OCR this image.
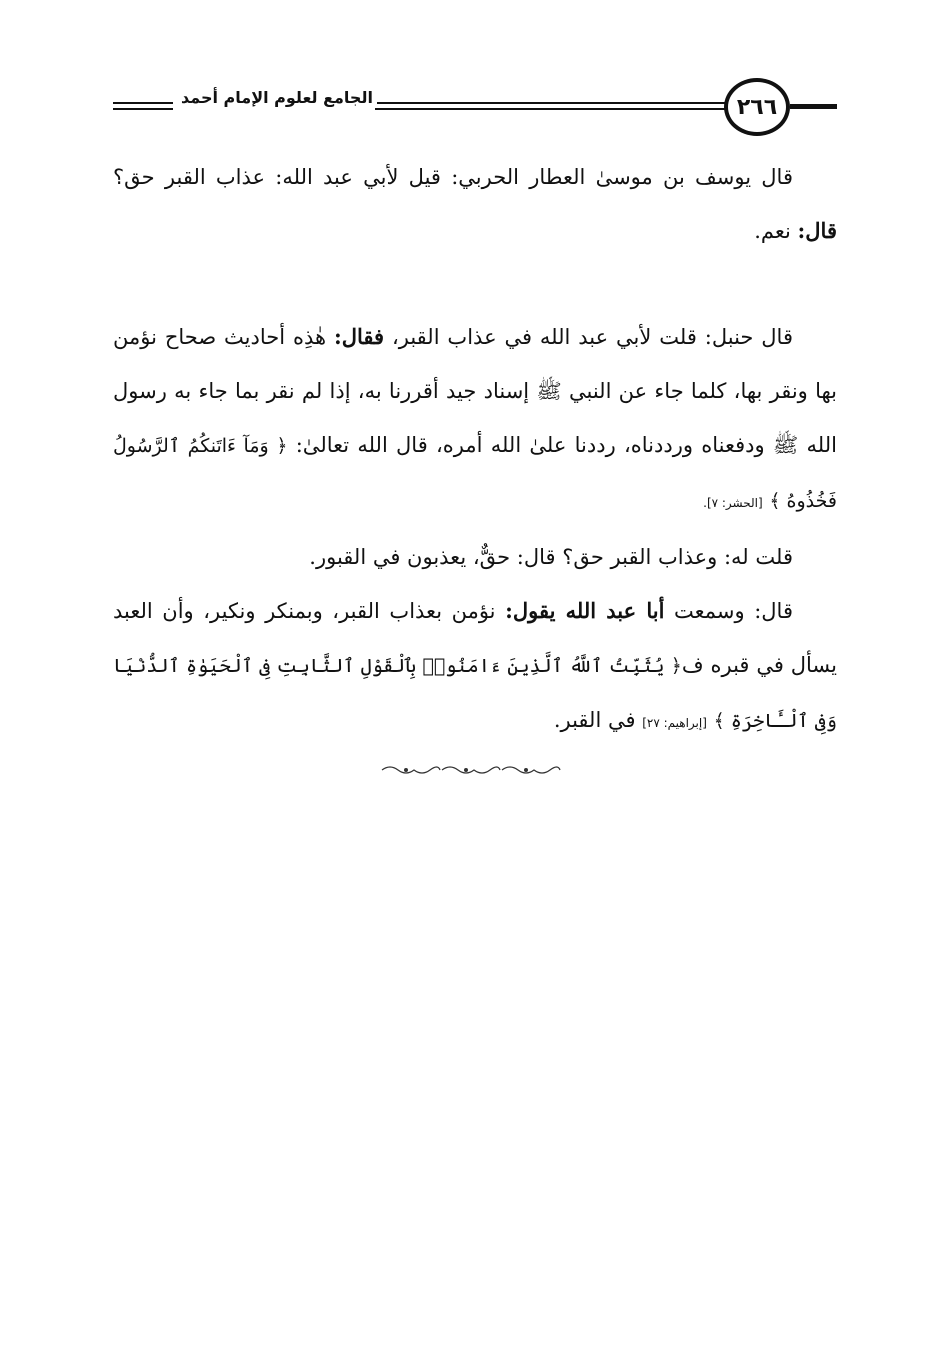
٢٦٦
الجامع لعلوم الإمام أحمد

قال يوسف بن موسىٰ العطار الحربي: قيل لأبي عبد الله: عذاب القبر حق؟ قال: نعم.

قال حنبل: قلت لأبي عبد الله في عذاب القبر، فقال: هٰذِه أحاديث صحاح نؤمن بها ونقر بها، كلما جاء عن النبي ﷺ إسناد جيد أقررنا به، إذا لم نقر بما جاء به رسول الله ﷺ ودفعناه ورددناه، رددنا علىٰ الله أمره، قال الله تعالىٰ: ﴿ وَمَآ ءَاتَنكُمُ ٱلرَّسُولُ فَخُذُوهُ ﴾ [الحشر: ٧].

قلت له: وعذاب القبر حق؟ قال: حقٌّ، يعذبون في القبور.

قال: وسمعت أبا عبد الله يقول: نؤمن بعذاب القبر، وبمنكر ونكير، وأن العبد يسأل في قبره ف﴿ يُثَبِّتُ ٱللَّهُ ٱلَّذِينَ ءَامَنُوا۟ بِٱلْقَوْلِ ٱلثَّابِتِ فِى ٱلْحَيَوٰةِ ٱلدُّنْيَا وَفِى ٱلْـَٔاخِرَةِ ﴾ [إبراهيم: ٢٧] في القبر.
